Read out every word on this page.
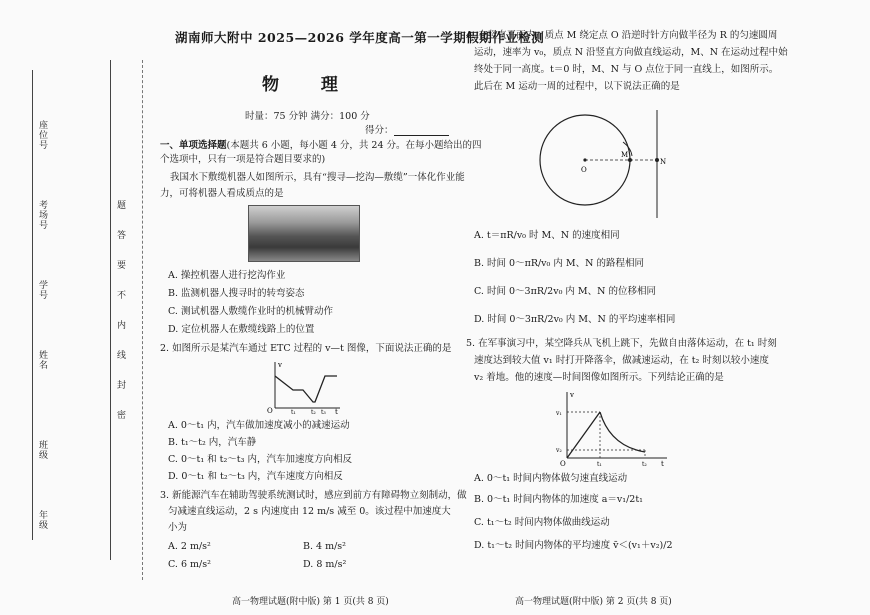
座位号
考场号
学号
姓名
班级
年级
题
答
要
不
内
线
封
密
湖南师大附中 2025—2026 学年度高一第一学期假期作业检测
物 理
时量：75 分钟 满分：100 分
得分：
一、单项选择题(本题共 6 小题，每小题 4 分，共 24 分。在每小题给出的四
个选项中，只有一项是符合题目要求的)
我国水下敷缆机器人如图所示，具有“搜寻—挖沟—敷缆”一体化作业能
力，可将机器人看成质点的是
A. 操控机器人进行挖沟作业
B. 监测机器人搜寻时的转弯姿态
C. 测试机器人敷缆作业时的机械臂动作
D. 定位机器人在敷缆线路上的位置
2. 如图所示是某汽车通过 ETC 过程的 v—t 图像，下面说法正确的是
v
O	t₁	t₂ t₃ t
A. 0～t₁ 内，汽车做加速度减小的减速运动
B. t₁～t₂ 内，汽车静
C. 0～t₁ 和 t₂～t₃ 内，汽车加速度方向相反
D. 0～t₁ 和 t₂～t₃ 内，汽车速度方向相反
3. 新能源汽车在辅助驾驶系统测试时，感应到前方有障碍物立刻制动，做
匀减速直线运动，2 s 内速度由 12 m/s 减至 0。该过程中加速度大
小为
A. 2 m/s²	B. 4 m/s²
C. 6 m/s²	D. 8 m/s²
4. 在竖直平面内，质点 M 绕定点 O 沿逆时针方向做半径为 R 的匀速圆周
运动，速率为 v₀，质点 N 沿竖直方向做直线运动，M、N 在运动过程中始
终处于同一高度。t＝0 时，M、N 与 O 点位于同一直线上，如图所示。
此后在 M 运动一周的过程中，以下说法正确的是
O
M
N
A. t＝πR/v₀ 时 M、N 的速度相同
B. 时间 0～πR/v₀ 内 M、N 的路程相同
C. 时间 0～3πR/2v₀ 内 M、N 的位移相同
D. 时间 0～3πR/2v₀ 内 M、N 的平均速率相同
5. 在军事演习中，某空降兵从飞机上跳下，先做自由落体运动，在 t₁ 时刻
速度达到较大值 v₁ 时打开降落伞，做减速运动，在 t₂ 时刻以较小速度
v₂ 着地。他的速度—时间图像如图所示。下列结论正确的是
v
v₁
v₂
O	t₁	t₂ t
A. 0～t₁ 时间内物体做匀速直线运动
B. 0～t₁ 时间内物体的加速度 a＝v₁/2t₁
C. t₁～t₂ 时间内物体做曲线运动
D. t₁～t₂ 时间内物体的平均速度 v̄＜(v₁＋v₂)/2
高一物理试题(附中版) 第 1 页(共 8 页)	高一物理试题(附中版) 第 2 页(共 8 页)
